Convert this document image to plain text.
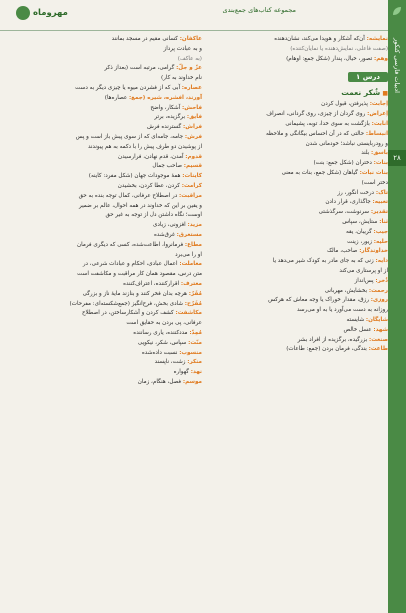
ادبیات فارسی کنکور
۲۸
مجموعه کتاب‌های جمع‌بندی
مهروماه

نمایشه: آن‌که آشکار و هویدا می‌کند، نشان‌دهنده

(صفت فاعلی، نمایش‌دهنده یا نمایان‌کننده)

وهم: تصور، خیال، پندار (شکل جمع: اوهام)

درس ۱
■ شُکر نعمت

اِجابت: پذیرفتن، قبول کردن

اِعراض: روی گردان از چیزی، روی گردانی، انصراف

انابت: بازگشت به سوی خدا، توبه، پشیمانی

انبساط: حالتی که در آن احساس بیگانگی و ملاحظه

و رودربایستی نباشد؛ خودمانی شدن

باسق: بلند

بنات: دختران (شکل جمع: بنت)

بنات نبات: گیاهان (شکل جمع، بنات به معنی

دختر است)

تاک: درخت انگور، رز

تعبیه: جاگذاری، قرار دادن

تقدیر: سرنوشت، سرگذشتی

ثنا: ستایش، سپاس

جیب: گریبان، یقه

حلیه: زیور، زینت

خداوندگار: صاحب، مالک

دایه: زنی که به جای مادر به کودک شیر می‌دهد یا

از او پرستاری می‌کند

ذُخر: پس‌انداز

رحمت: بخشایش، مهربانی

روزی: رزق، مقدار خوراک یا وجه معاش که هرکس

روزانه به دست می‌آورد یا به او می‌رسد

شایگان: شایسته

شهد: عسل خالص

صنعت: بزرگیده، برگزیده از افراد بشر

طاعت: بندگی، فرمان بردن (جمع: طاعات)

عاکفان: کسانی مقیم در مسجد بمانند

و به عبادت پرداز

(به عاکف)

عزّ و جلّ: گرامی، مرتبه است (بعداز ذکر

نام خداوند به کار)

عصاره: آبی که از فشردن میوه یا چیزی دیگر به دست

آورند، افشره، شیره (جمع: عصاره‌ها)

فاحش: آشکار، واضح

فایق: برگزیده، برتر

فراش: گسترنده فرش

فرش: جامه، جامه‌ای که از سوی پیش باز است و پس

از پوشیدن دو طرف پیش را با دکمه به هم پیوندند

قدوم: آمدن، قدم نهادن، فرارسیدن

قسیم: صاحب جمال

کاینات: همهٔ موجودات جهان (شکل مفرد: کاینه)

کرامت: کردن، عطا کردن، بخشیدن

مراقبت: در اصطلاح عرفانی، کمال توجه بنده به حق

و یقین بر این که خداوند در همه احوال، عالم بر ضمیر

اوست؛ نگاه داشتن دل از توجه به غیر حق

مزید: افزونی، زیادی

مستغرق: غرق‌شده

مطاع: فرمانروا، اطاعت‌شده، کسی که دیگری فرمان

او را می‌برد

معاملت: اعمال عبادی، احکام و عبادات شرعی، در

متن درس، مقصود همان کار مراقبت و مکاشفت است

معترف: اقرارکننده، اعتراف‌کننده

مُقَرّ: هرچه بدان فخر کنند و بنازند مایهٔ ناز و بزرگی

مُفَرّح: شادی بخش، فرح‌انگیز (جمع‌شکسته‌ای: مفرحات)

مکاشفت: کشف کردن و آشکارساختن، در اصطلاح

عرفانی، پی بردن به حقایق است

مُمِدّ: مددکننده، یاری رساننده

منّت: سپاس، شکر، نیکویی

منسوب: نسبت داده‌شده

منکر: زشت، ناپسند

نهد: گهواره

موسم: فصل، هنگام، زمان
